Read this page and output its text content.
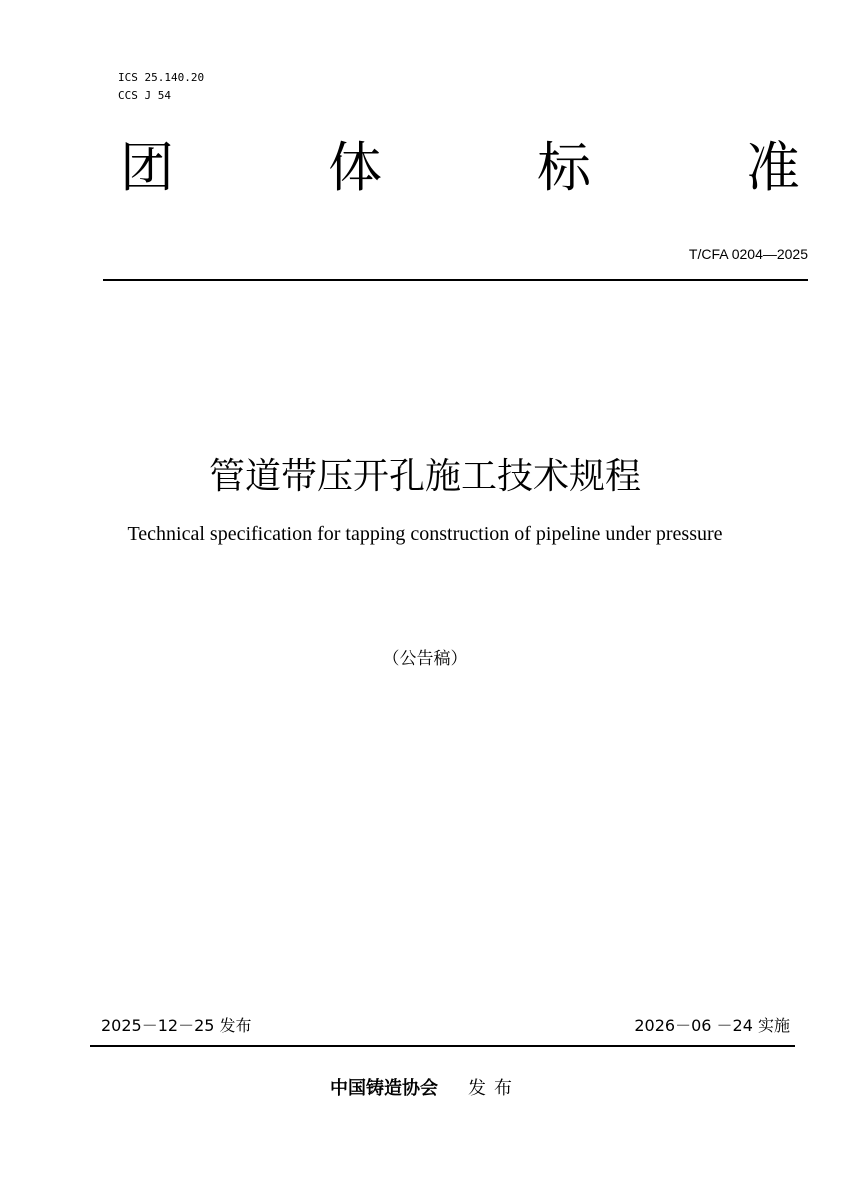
ICS 25.140.20
CCS J 54
团	体	标	准
T/CFA 0204—2025
管道带压开孔施工技术规程
Technical specification for tapping construction of pipeline under pressure
（公告稿）
2025－12－25 发布	2026－06 －24 实施
中国铸造协会 发布
